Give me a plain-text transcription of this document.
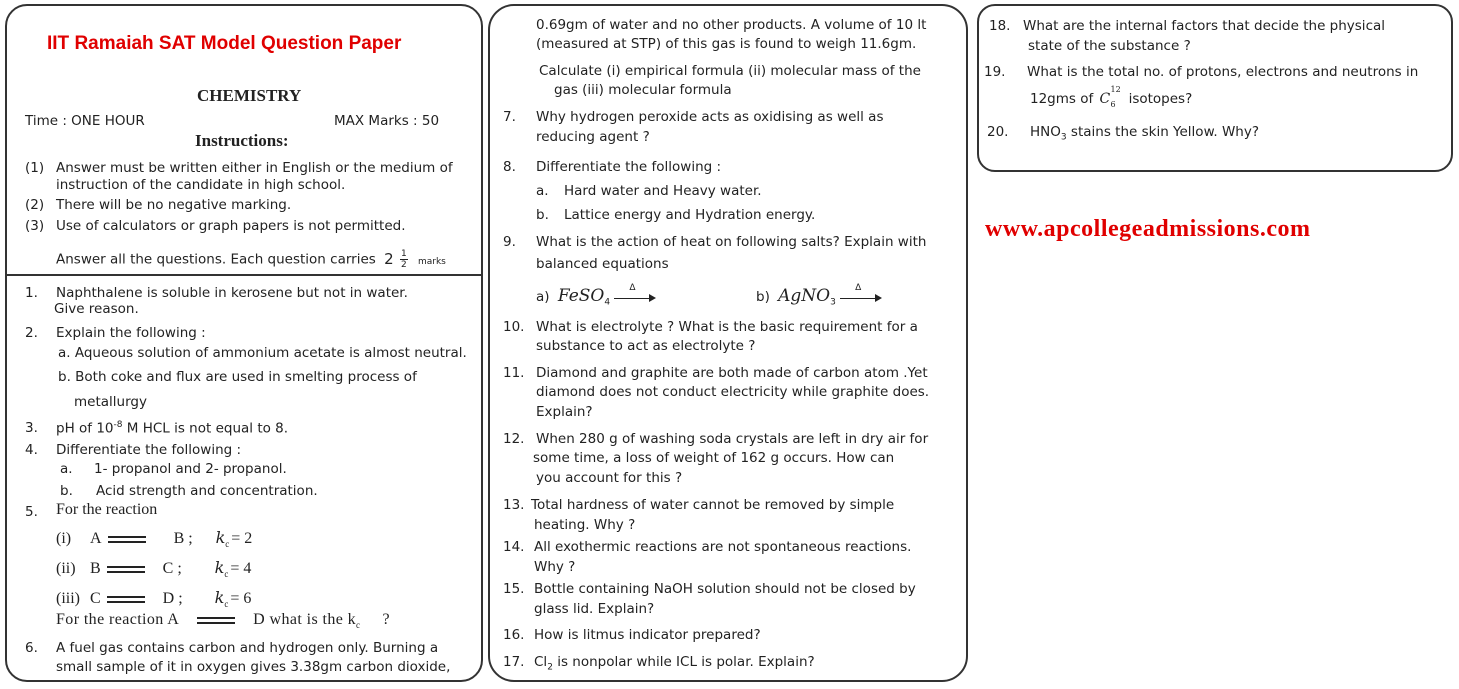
IIT Ramaiah SAT Model Question Paper
CHEMISTRY
Time : ONE HOUR	MAX Marks : 50
Instructions:
(1) Answer must be written either in English or the medium of
instruction of the candidate in high school.
(2) There will be no negative marking.
(3) Use of calculators or graph papers is not permitted.
Answer all the questions. Each question carries $2 \frac{1}{2}$ marks
1. Naphthalene is soluble in kerosene but not in water.
Give reason.
2. Explain the following :
a. Aqueous solution of ammonium acetate is almost neutral.
b. Both coke and flux are used in smelting process of
metallurgy
3. pH of $10^{-8}$ M HCL is not equal to 8.
4. Differentiate the following :
a. 1- propanol and 2- propanol.
b. Acid strength and concentration.
5. For the reaction
(i) A	B ; $k_c = 2$
(ii) B	C ; $k_c = 4$
(iii) C	D ; $k_c = 6$
For the reaction A	D what is the $k_c$ ?
6. A fuel gas contains carbon and hydrogen only. Burning a
small sample of it in oxygen gives 3.38gm carbon dioxide,
0.69gm of water and no other products. A volume of 10 lt
(measured at STP) of this gas is found to weigh 11.6gm.
Calculate (i) empirical formula (ii) molecular mass of the
gas (iii) molecular formula
7. Why hydrogen peroxide acts as oxidising as well as
reducing agent ?
8. Differentiate the following :
a. Hard water and Heavy water.
b. Lattice energy and Hydration energy.
9. What is the action of heat on following salts? Explain with
balanced equations
a) FeSO$_4$
Δ
b) AgNO$_3$
Δ
10. What is electrolyte ? What is the basic requirement for a
substance to act as electrolyte ?
11. Diamond and graphite are both made of carbon atom .Yet
diamond does not conduct electricity while graphite does.
Explain?
12. When 280 g of washing soda crystals are left in dry air for
some time, a loss of weight of 162 g occurs. How can
you account for this ?
13. Total hardness of water cannot be removed by simple
heating. Why ?
14. All exothermic reactions are not spontaneous reactions.
Why ?
15. Bottle containing NaOH solution should not be closed by
glass lid. Explain?
16. How is litmus indicator prepared?
17. $Cl_2$ is nonpolar while ICL is polar. Explain?
18. What are the internal factors that decide the physical
state of the substance ?
19. What is the total no. of protons, electrons and neutrons in
12gms of C
12
6 isotopes?
20. $HNO_3$ stains the skin Yellow. Why?
www.apcollegeadmissions.com
